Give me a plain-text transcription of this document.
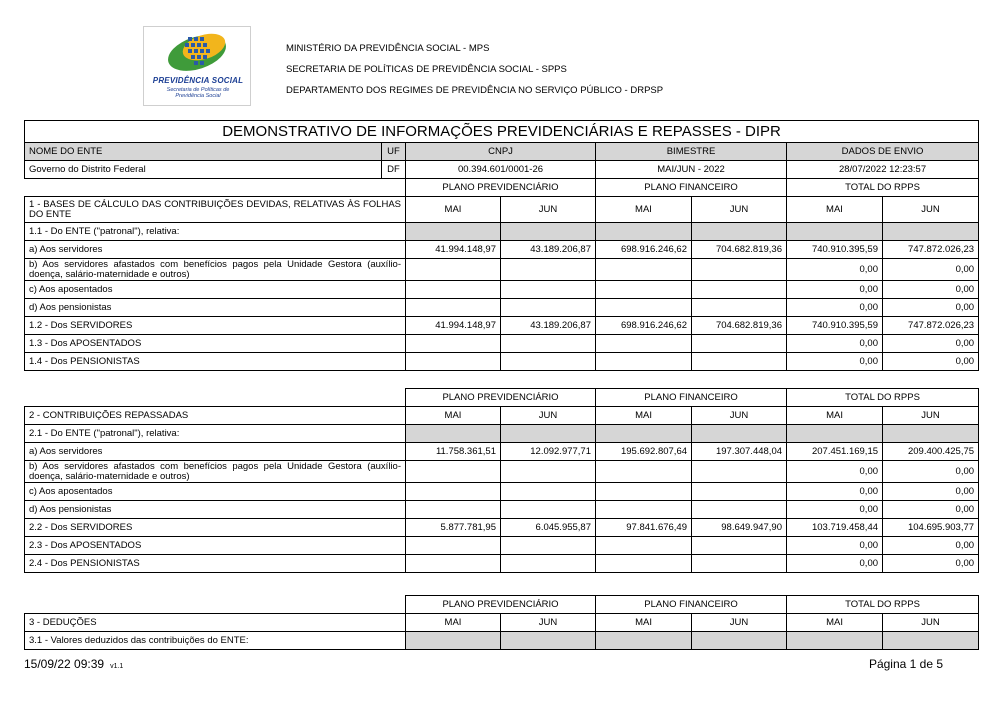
PREVIDÊNCIA SOCIAL
Secretaria de Políticas de
Previdência Social
MINISTÉRIO DA PREVIDÊNCIA SOCIAL - MPS
SECRETARIA DE POLÍTICAS DE PREVIDÊNCIA SOCIAL - SPPS
DEPARTAMENTO DOS REGIMES DE PREVIDÊNCIA NO SERVIÇO PÚBLICO - DRPSP
DEMONSTRATIVO DE INFORMAÇÕES PREVIDENCIÁRIAS E REPASSES - DIPR							
NOME DO ENTE	UF	CNPJ		BIMESTRE		DADOS DE ENVIO	
Governo do Distrito Federal	DF	00.394.601/0001-26		MAI/JUN - 2022		28/07/2022 12:23:57	
		PLANO PREVIDENCIÁRIO		PLANO FINANCEIRO		TOTAL DO RPPS	
1 - BASES DE CÁLCULO DAS CONTRIBUIÇÕES DEVIDAS, RELATIVAS ÀS FOLHAS DO ENTE		MAI	JUN	MAI	JUN	MAI	JUN
1.1 - Do ENTE ("patronal"), relativa:							
a) Aos servidores		41.994.148,97	43.189.206,87	698.916.246,62	704.682.819,36	740.910.395,59	747.872.026,23
b) Aos servidores afastados com benefícios pagos pela Unidade Gestora (auxílio-doença, salário-maternidade e outros)						0,00	0,00
c) Aos aposentados						0,00	0,00
d) Aos pensionistas						0,00	0,00
1.2 - Dos SERVIDORES		41.994.148,97	43.189.206,87	698.916.246,62	704.682.819,36	740.910.395,59	747.872.026,23
1.3 - Dos APOSENTADOS						0,00	0,00
1.4 - Dos PENSIONISTAS						0,00	0,00
	PLANO PREVIDENCIÁRIO		PLANO FINANCEIRO		TOTAL DO RPPS	
2 - CONTRIBUIÇÕES REPASSADAS	MAI	JUN	MAI	JUN	MAI	JUN
2.1 - Do ENTE ("patronal"), relativa:						
a) Aos servidores	11.758.361,51	12.092.977,71	195.692.807,64	197.307.448,04	207.451.169,15	209.400.425,75
b) Aos servidores afastados com benefícios pagos pela Unidade Gestora (auxílio-doença, salário-maternidade e outros)					0,00	0,00
c) Aos aposentados					0,00	0,00
d) Aos pensionistas					0,00	0,00
2.2 - Dos SERVIDORES	5.877.781,95	6.045.955,87	97.841.676,49	98.649.947,90	103.719.458,44	104.695.903,77
2.3 - Dos APOSENTADOS					0,00	0,00
2.4 - Dos PENSIONISTAS					0,00	0,00
	PLANO PREVIDENCIÁRIO		PLANO FINANCEIRO		TOTAL DO RPPS	
3 - DEDUÇÕES	MAI	JUN	MAI	JUN	MAI	JUN
3.1 - Valores deduzidos das contribuições do ENTE:						
15/09/22 09:39 v1.1	Página 1 de 5
